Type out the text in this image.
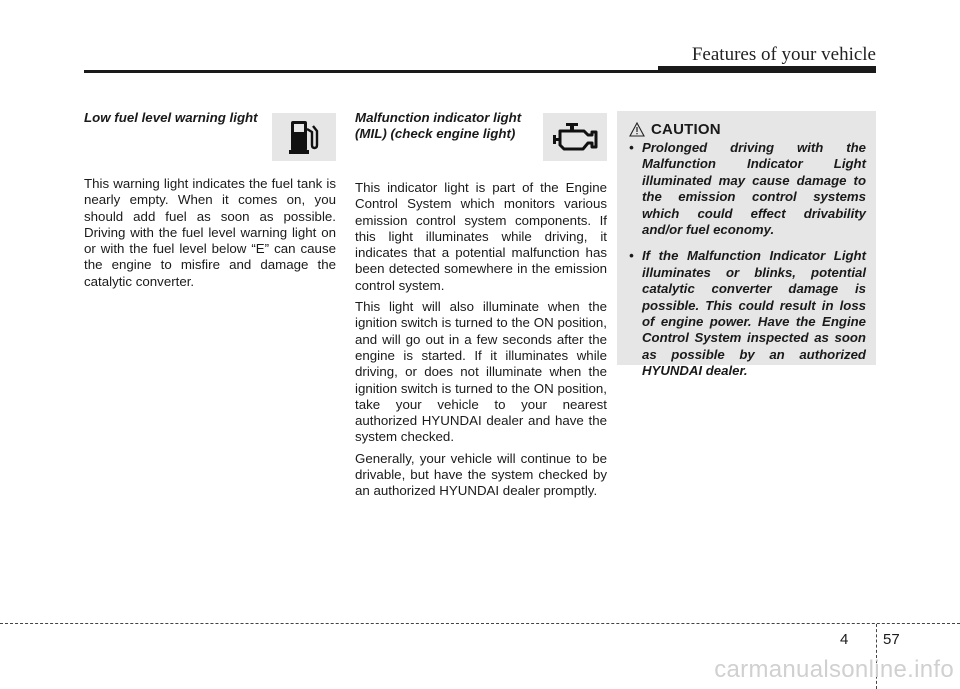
Features of your vehicle
Low fuel level warning light

This warning light indicates the fuel tank is nearly empty. When it comes on, you should add fuel as soon as possible. Driving with the fuel level warning light on or with the fuel level below “E” can cause the engine to misfire and damage the catalytic converter.

Malfunction indicator light
(MIL) (check engine light)

This indicator light is part of the Engine Control System which monitors various emission control system components. If this light illuminates while driving, it indicates that a potential malfunction has been detected somewhere in the emission control system.

This light will also illuminate when the ignition switch is turned to the ON position, and will go out in a few seconds after the engine is started. If it illuminates while driving, or does not illuminate when the ignition switch is turned to the ON position, take your vehicle to your nearest authorized HYUNDAI dealer and have the system checked.

Generally, your vehicle will continue to be drivable, but have the system checked by an authorized HYUNDAI dealer promptly.

CAUTION
• Prolonged driving with the Malfunction Indicator Light illuminated may cause damage to the emission control systems which could effect drivability and/or fuel economy.
• If the Malfunction Indicator Light illuminates or blinks, potential catalytic converter damage is possible. This could result in loss of engine power. Have the Engine Control System inspected as soon as possible by an authorized HYUNDAI dealer.
4 57
carmanualsonline.info
